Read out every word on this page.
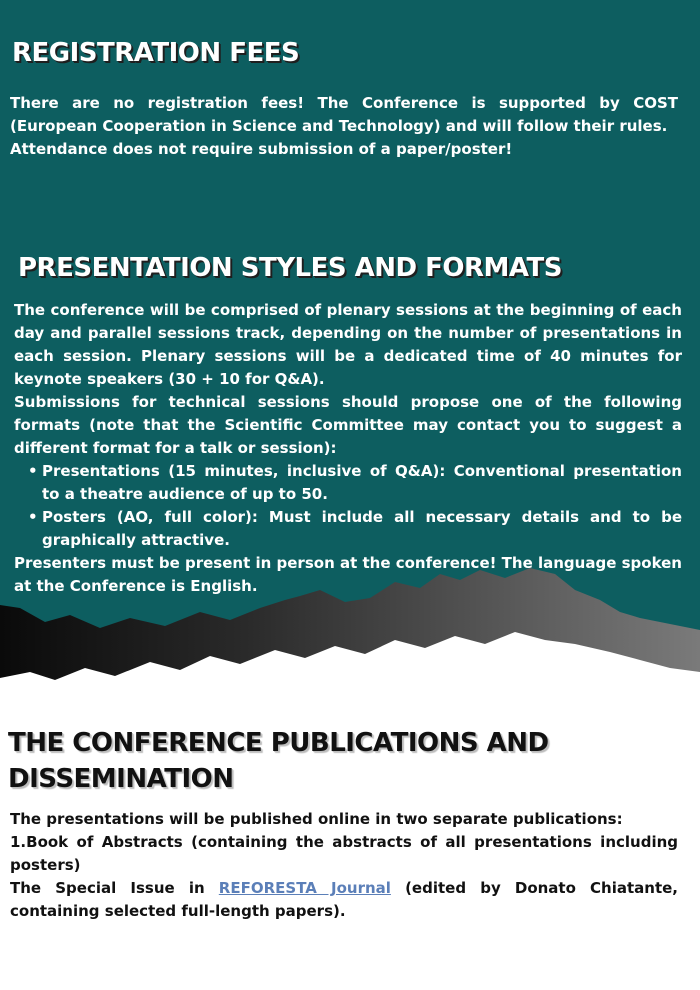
REGISTRATION FEES

There are no registration fees! The Conference is supported by COST (European Cooperation in Science and Technology) and will follow their rules.

Attendance does not require submission of a paper/poster!

PRESENTATION STYLES AND FORMATS

The conference will be comprised of plenary sessions at the beginning of each day and parallel sessions track, depending on the number of presentations in each session. Plenary sessions will be a dedicated time of 40 minutes for keynote speakers (30 + 10 for Q&A).

Submissions for technical sessions should propose one of the following formats (note that the Scientific Committee may contact you to suggest a different format for a talk or session):

• Presentations (15 minutes, inclusive of Q&A): Conventional presentation to a theatre audience of up to 50.
• Posters (AO, full color): Must include all necessary details and to be graphically attractive.

Presenters must be present in person at the conference! The language spoken at the Conference is English.

THE CONFERENCE PUBLICATIONS AND DISSEMINATION

The presentations will be published online in two separate publications:

1.Book of Abstracts (containing the abstracts of all presentations including posters)

The Special Issue in REFORESTA Journal (edited by Donato Chiatante, containing selected full-length papers).
